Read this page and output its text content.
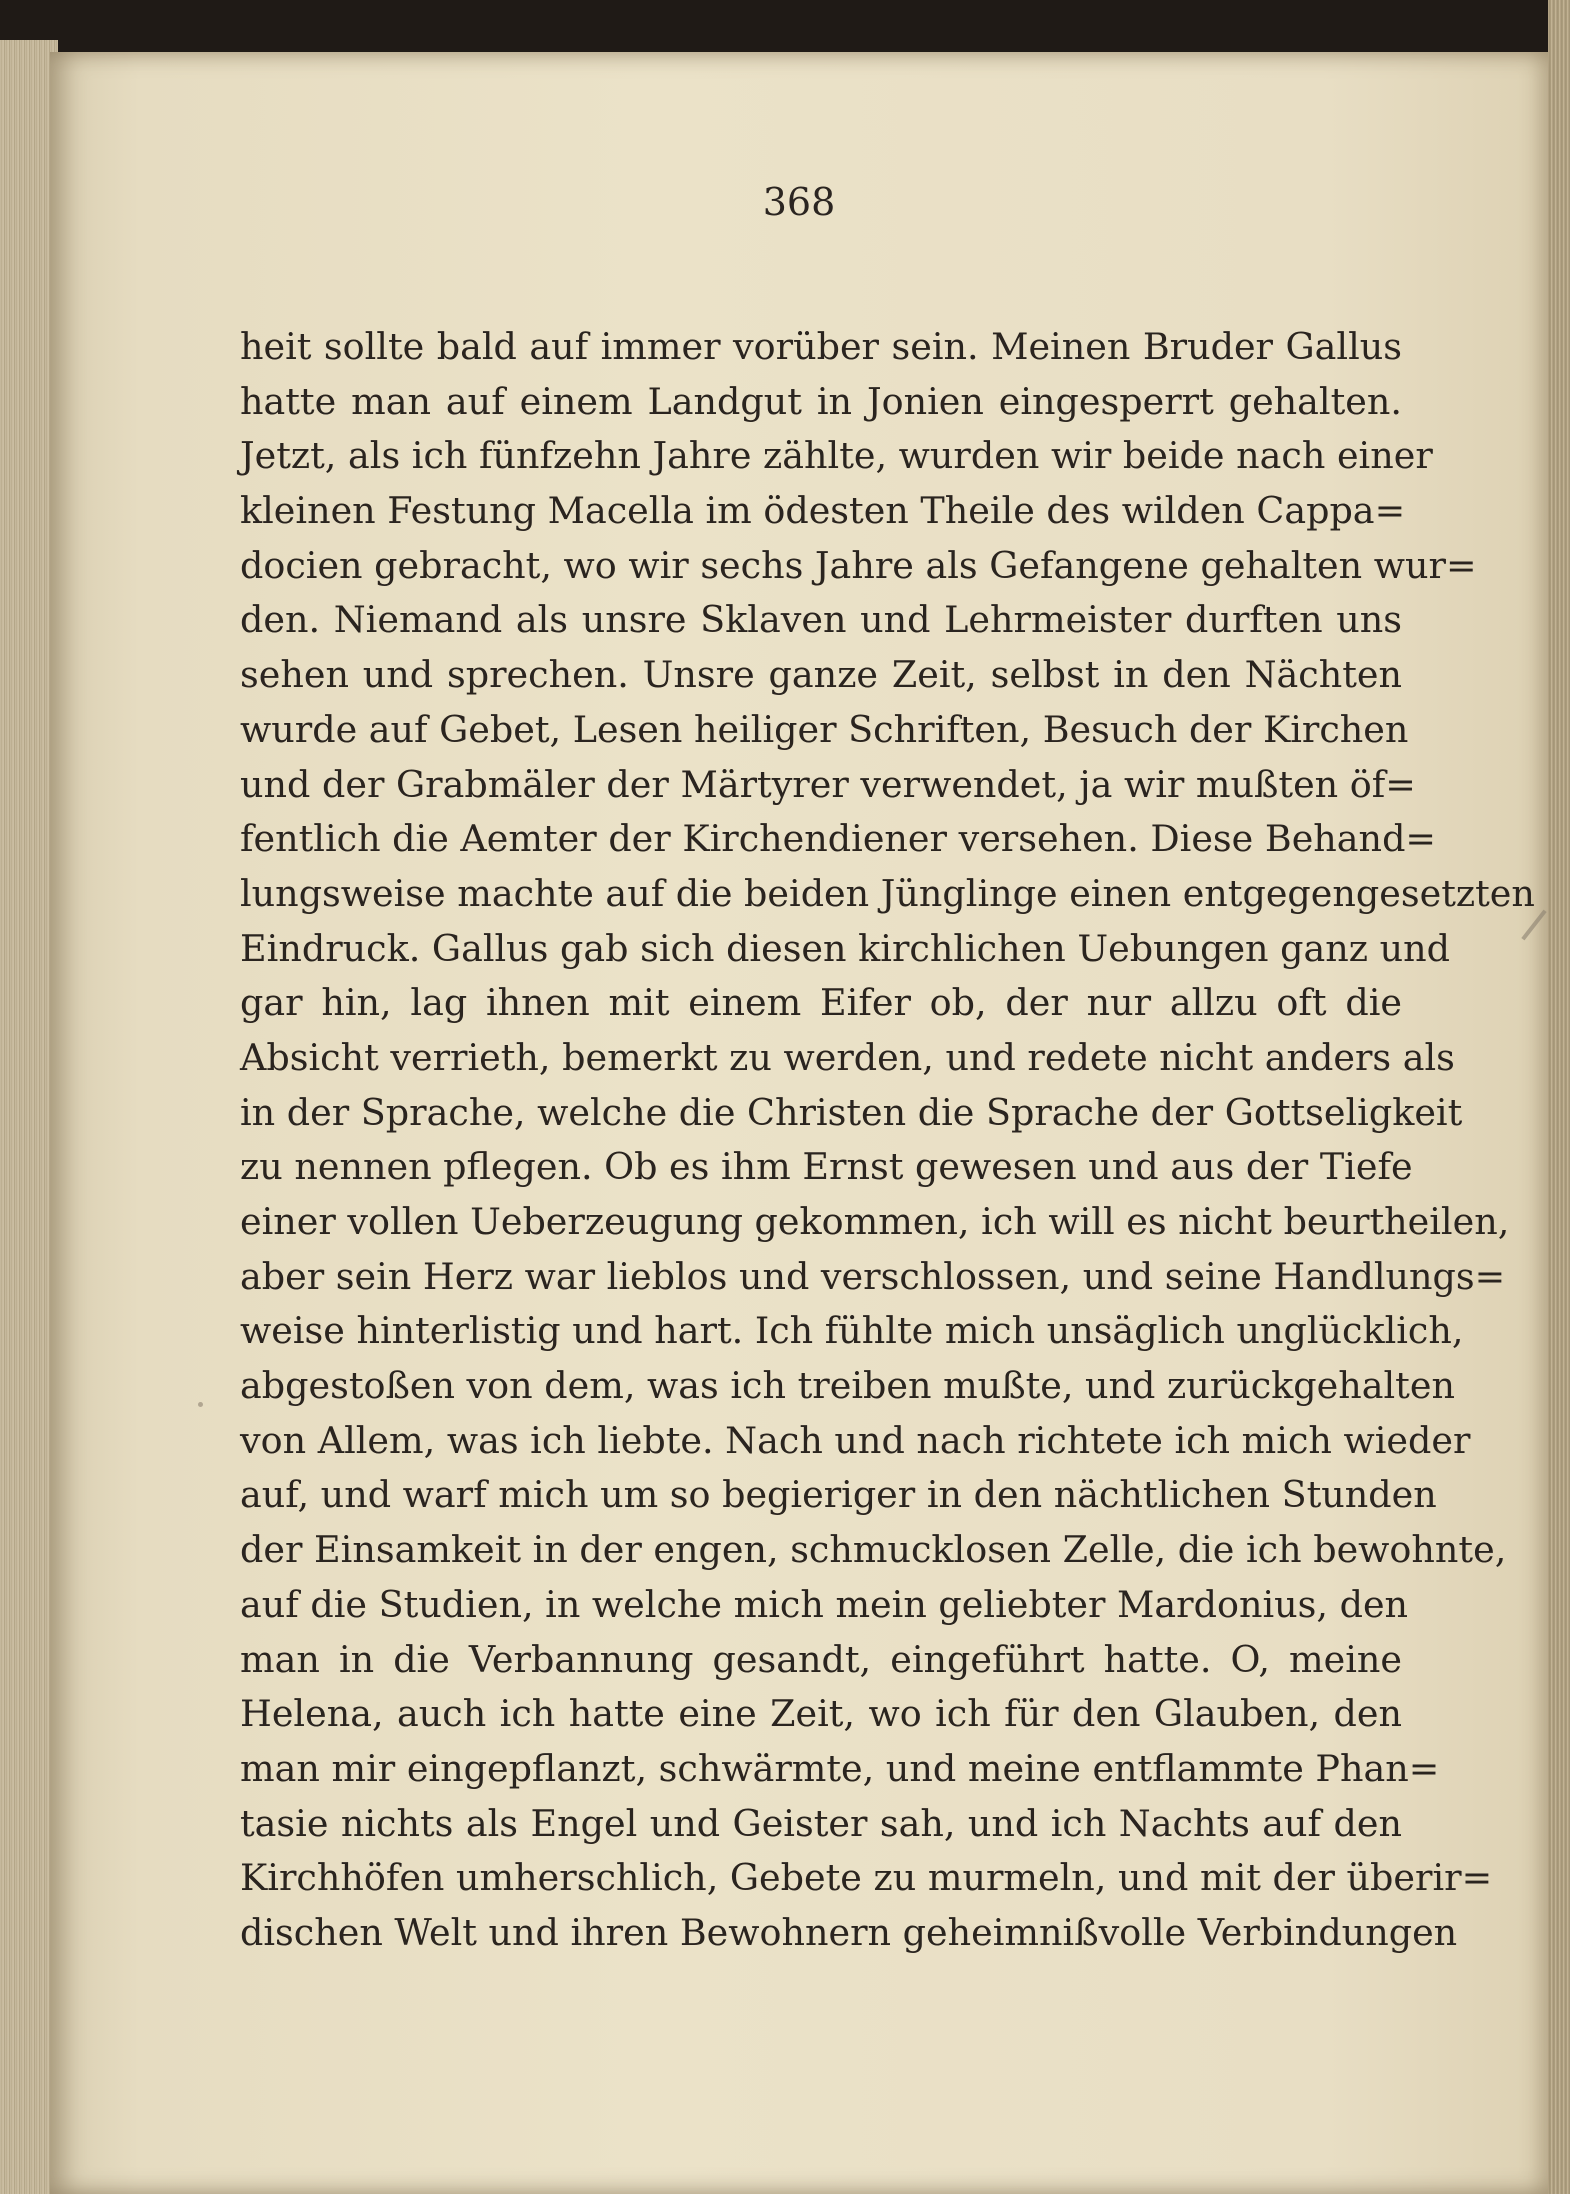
368
heit sollte bald auf immer vorüber sein. Meinen Bruder Gallus
hatte man auf einem Landgut in Jonien eingesperrt gehalten.
Jetzt, als ich fünfzehn Jahre zählte, wurden wir beide nach einer
kleinen Festung Macella im ödesten Theile des wilden Cappa=
docien gebracht, wo wir sechs Jahre als Gefangene gehalten wur=
den. Niemand als unsre Sklaven und Lehrmeister durften uns
sehen und sprechen. Unsre ganze Zeit, selbst in den Nächten
wurde auf Gebet, Lesen heiliger Schriften, Besuch der Kirchen
und der Grabmäler der Märtyrer verwendet, ja wir mußten öf=
fentlich die Aemter der Kirchendiener versehen. Diese Behand=
lungsweise machte auf die beiden Jünglinge einen entgegengesetzten
Eindruck. Gallus gab sich diesen kirchlichen Uebungen ganz und
gar hin, lag ihnen mit einem Eifer ob, der nur allzu oft die
Absicht verrieth, bemerkt zu werden, und redete nicht anders als
in der Sprache, welche die Christen die Sprache der Gottseligkeit
zu nennen pflegen. Ob es ihm Ernst gewesen und aus der Tiefe
einer vollen Ueberzeugung gekommen, ich will es nicht beurtheilen,
aber sein Herz war lieblos und verschlossen, und seine Handlungs=
weise hinterlistig und hart. Ich fühlte mich unsäglich unglücklich,
abgestoßen von dem, was ich treiben mußte, und zurückgehalten
von Allem, was ich liebte. Nach und nach richtete ich mich wieder
auf, und warf mich um so begieriger in den nächtlichen Stunden
der Einsamkeit in der engen, schmucklosen Zelle, die ich bewohnte,
auf die Studien, in welche mich mein geliebter Mardonius, den
man in die Verbannung gesandt, eingeführt hatte. O, meine
Helena, auch ich hatte eine Zeit, wo ich für den Glauben, den
man mir eingepflanzt, schwärmte, und meine entflammte Phan=
tasie nichts als Engel und Geister sah, und ich Nachts auf den
Kirchhöfen umherschlich, Gebete zu murmeln, und mit der überir=
dischen Welt und ihren Bewohnern geheimnißvolle Verbindungen
